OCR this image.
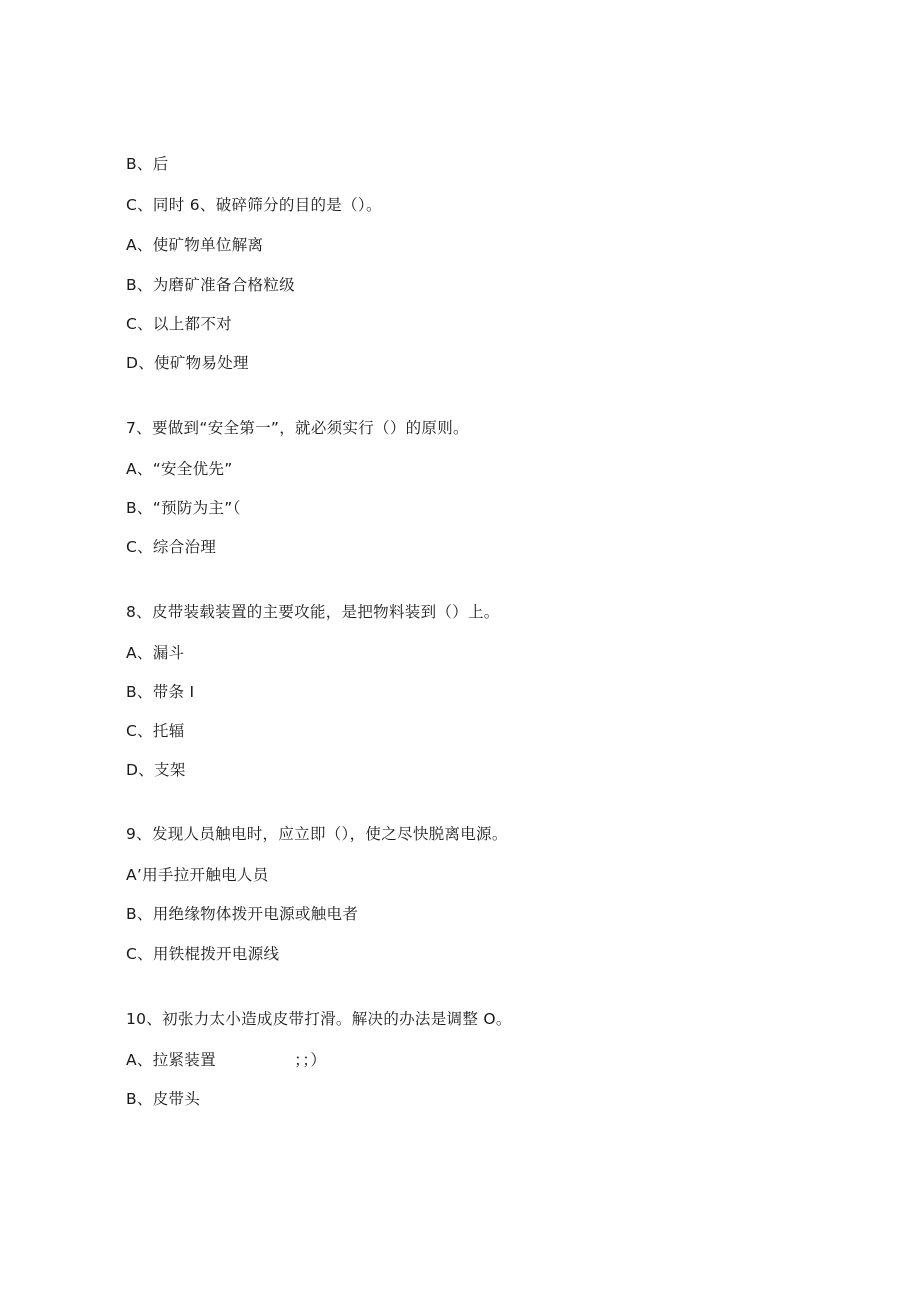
B、后
C、同时 6、破碎筛分的目的是（）。
A、使矿物单位解离
B、为磨矿准备合格粒级
C、以上都不对
D、使矿物易处理
7、要做到“安全第一”，就必须实行（）的原则。
A、“安全优先”
B、“预防为主”（
C、综合治理
8、皮带装载装置的主要攻能，是把物料装到（）上。
A、漏斗
B、带条 I
C、托辐
D、支架
9、发现人员触电时，应立即（），使之尽快脱离电源。
A’用手拉开触电人员
B、用绝缘物体拨开电源或触电者
C、用铁棍拨开电源线
10、初张力太小造成皮带打滑。解决的办法是调整 O。
A、拉紧装置               ；；）
B、皮带头
